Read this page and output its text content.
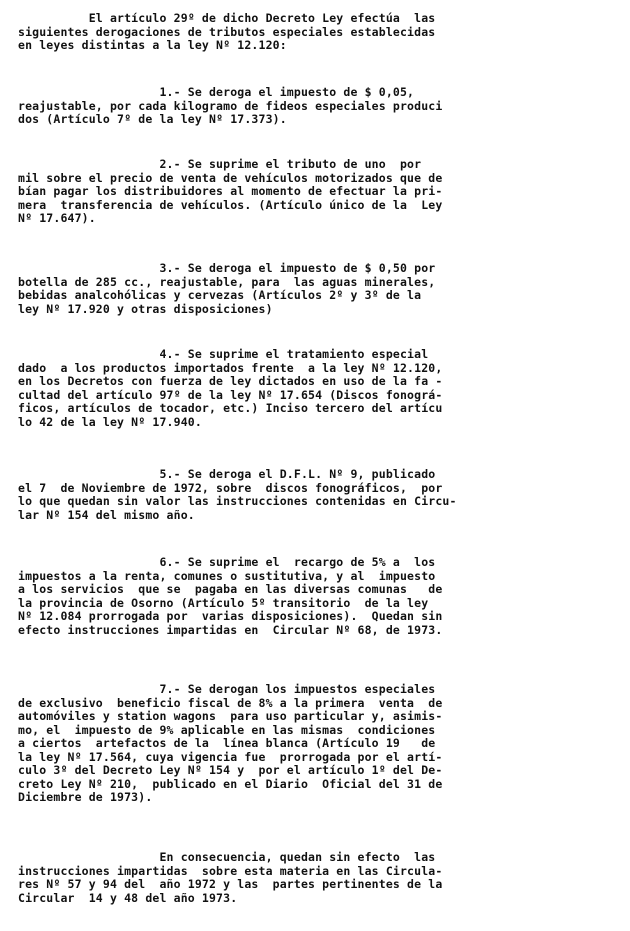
El artículo 29º de dicho Decreto Ley efectúa  las
siguientes derogaciones de tributos especiales establecidas
en leyes distintas a la ley Nº 12.120:

1.- Se deroga el impuesto de $ 0,05,
reajustable, por cada kilogramo de fideos especiales produci
dos (Artículo 7º de la ley Nº 17.373).

2.- Se suprime el tributo de uno  por
mil sobre el precio de venta de vehículos motorizados que de
bían pagar los distribuidores al momento de efectuar la pri-
mera  transferencia de vehículos. (Artículo único de la  Ley
Nº 17.647).

3.- Se deroga el impuesto de $ 0,50 por
botella de 285 cc., reajustable, para  las aguas minerales,
bebidas analcohólicas y cervezas (Artículos 2º y 3º de la
ley Nº 17.920 y otras disposiciones)

4.- Se suprime el tratamiento especial
dado  a los productos importados frente  a la ley Nº 12.120,
en los Decretos con fuerza de ley dictados en uso de la fa -
cultad del artículo 97º de la ley Nº 17.654 (Discos fonográ-
ficos, artículos de tocador, etc.) Inciso tercero del artícu
lo 42 de la ley Nº 17.940.

5.- Se deroga el D.F.L. Nº 9, publicado
el 7  de Noviembre de 1972, sobre  discos fonográficos,  por
lo que quedan sin valor las instrucciones contenidas en Circu-
lar Nº 154 del mismo año.

6.- Se suprime el  recargo de 5% a  los
impuestos a la renta, comunes o sustitutiva, y al  impuesto
a los servicios  que se  pagaba en las diversas comunas   de
la provincia de Osorno (Artículo 5º transitorio  de la ley
Nº 12.084 prorrogada por  varias disposiciones).  Quedan sin
efecto instrucciones impartidas en  Circular Nº 68, de 1973.

7.- Se derogan los impuestos especiales
de exclusivo  beneficio fiscal de 8% a la primera  venta  de
automóviles y station wagons  para uso particular y, asimis-
mo, el  impuesto de 9% aplicable en las mismas  condiciones
a ciertos  artefactos de la  línea blanca (Artículo 19   de
la ley Nº 17.564, cuya vigencia fue  prorrogada por el artí-
culo 3º del Decreto Ley Nº 154 y  por el artículo 1º del De-
creto Ley Nº 210,  publicado en el Diario  Oficial del 31 de
Diciembre de 1973).

En consecuencia, quedan sin efecto  las
instrucciones impartidas  sobre esta materia en las Circula-
res Nº 57 y 94 del  año 1972 y las  partes pertinentes de la
Circular  14 y 48 del año 1973.
